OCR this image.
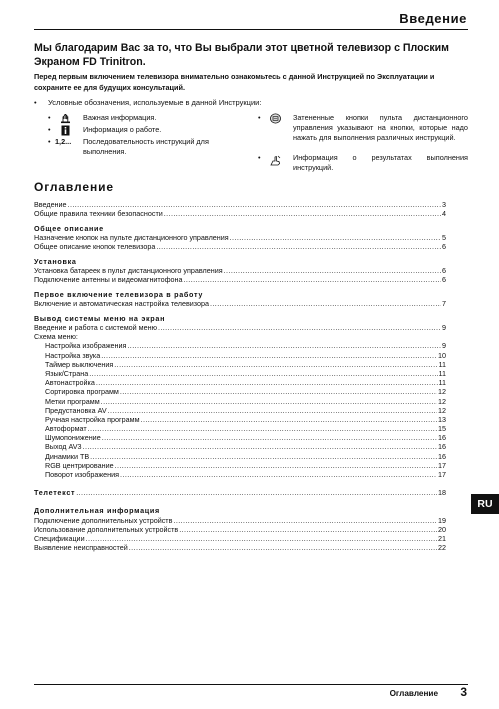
Введение
Мы благодарим Вас за то, что Вы выбрали этот цветной телевизор с Плоским Экраном FD Trinitron.
Перед первым включением телевизора внимательно ознакомьтесь с данной Инструкцией по Эксплуатации и сохраните ее для будущих консультаций.
• Условные обозначения, используемые в данной Инструкции:
•	Важная информация.
•	Информация о работе.
• 1,2... Последовательность инструкций для выполнения.
•	Затененные кнопки пульта дистанционного управления указывают на кнопки, которые надо нажать для выполнения различных инструкций.
•	Информация о результатах выполнения инструкций.
Оглавление
Введение .....	3
Общие правила техники безопасности .....	4
Общее описание
Назначение кнопок на пульте дистанционного управления .....	5
Общее описание кнопок телевизора .....	6
Установка
Установка батареек в пульт дистанционного управления .....	6
Подключение антенны и видеомагнитофона .....	6
Первое включение телевизора в работу
Включение и автоматическая настройка телевизора .....	7
Вывод системы меню на экран
Введение и работа с системой меню .....	9
Схема меню:
Настройка изображения .....	9
Настройка звука .....	10
Таймер выключения .....	11
Язык/Страна .....	11
Автонастройка .....	11
Сортировка программ .....	12
Метки программ .....	12
Предустановка AV .....	12
Ручная настройка программ .....	13
Автоформат .....	15
Шумопонижение .....	16
Выход AV3 .....	16
Динамики ТВ .....	16
RGB центрирование .....	17
Поворот изображения .....	17
Телетекст .....	18
Дополнительная информация
Подключение дополнительных устройств .....	19
Использование дополнительных устройств .....	20
Спецификации .....	21
Выявление неисправностей .....	22
RU
Оглавление 3
